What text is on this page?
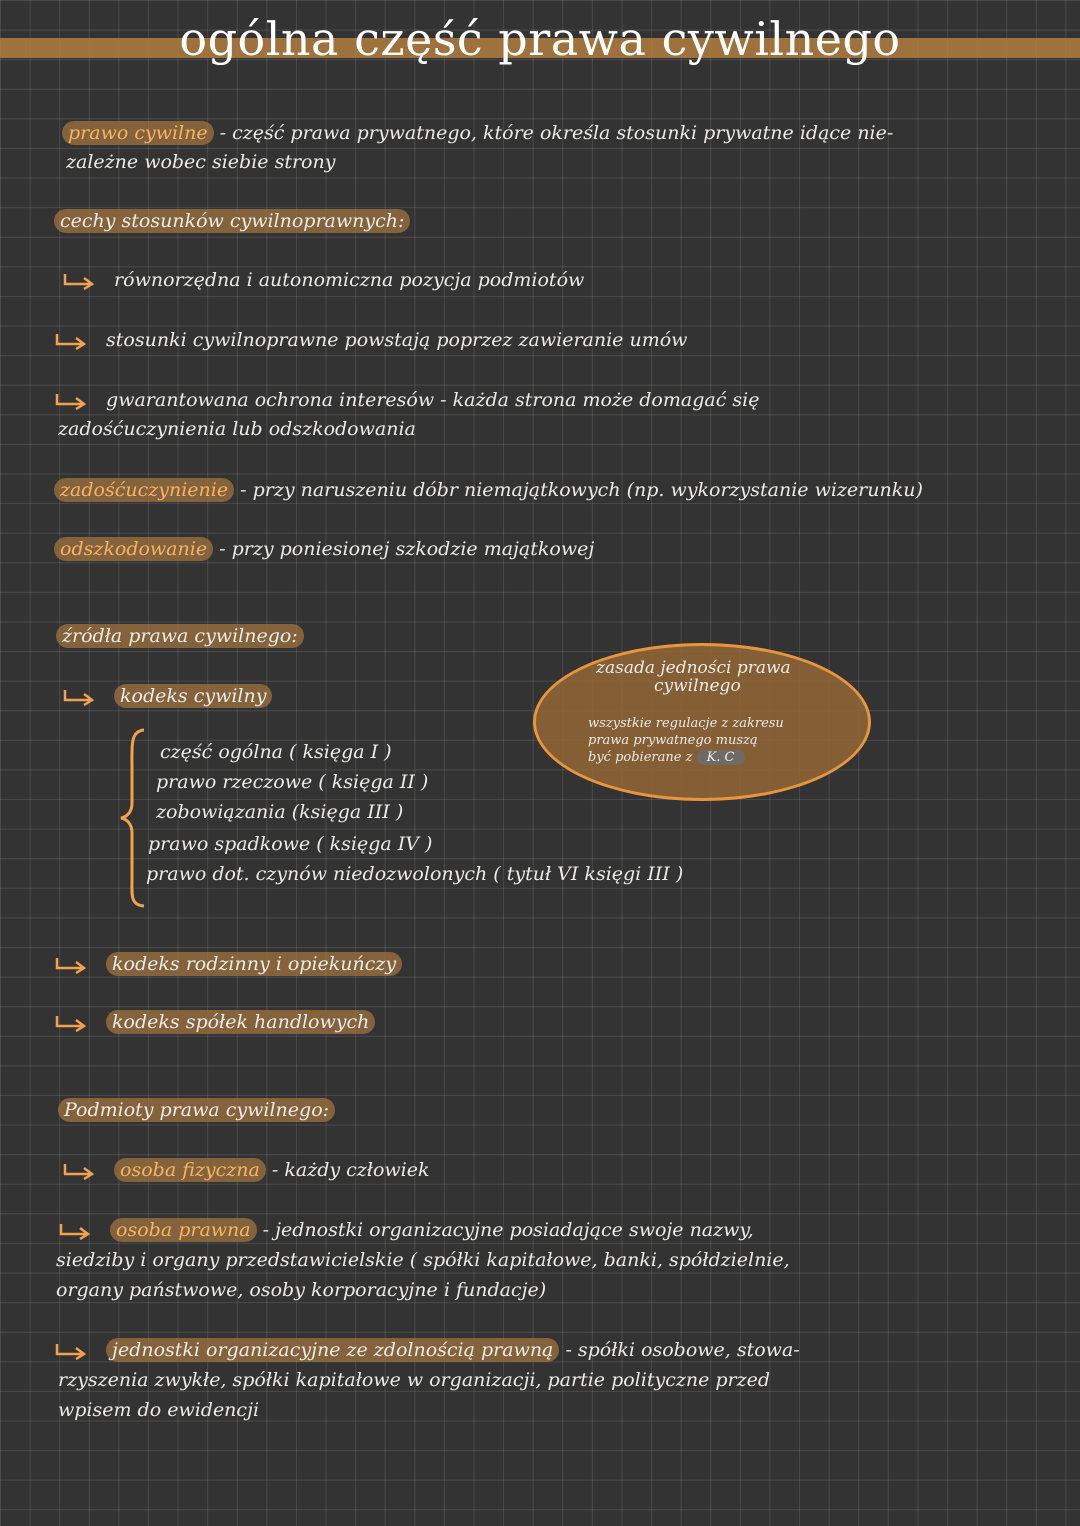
ogólna część prawa cywilnego
prawo cywilne - część prawa prywatnego, które określa stosunki prywatne idące nie-
zależne wobec siebie strony
cechy stosunków cywilnoprawnych:
równorzędna i autonomiczna pozycja podmiotów
stosunki cywilnoprawne powstają poprzez zawieranie umów
gwarantowana ochrona interesów - każda strona może domagać się
zadośćuczynienia lub odszkodowania
zadośćuczynienie - przy naruszeniu dóbr niemajątkowych (np. wykorzystanie wizerunku)
odszkodowanie - przy poniesionej szkodzie majątkowej
źródła prawa cywilnego:
kodeks cywilny
część ogólna ( księga I )
prawo rzeczowe ( księga II )
zobowiązania (księga III )
prawo spadkowe ( księga IV )
prawo dot. czynów niedozwolonych ( tytuł VI księgi III )
zasada jedności prawa
cywilnego
wszystkie regulacje z zakresu
prawa prywatnego muszą
być pobierane z K. C
kodeks rodzinny i opiekuńczy
kodeks spółek handlowych
Podmioty prawa cywilnego:
osoba fizyczna - każdy człowiek
osoba prawna - jednostki organizacyjne posiadające swoje nazwy,
siedziby i organy przedstawicielskie ( spółki kapitałowe, banki, spółdzielnie,
organy państwowe, osoby korporacyjne i fundacje)
jednostki organizacyjne ze zdolnością prawną - spółki osobowe, stowa-
rzyszenia zwykłe, spółki kapitałowe w organizacji, partie polityczne przed
wpisem do ewidencji
